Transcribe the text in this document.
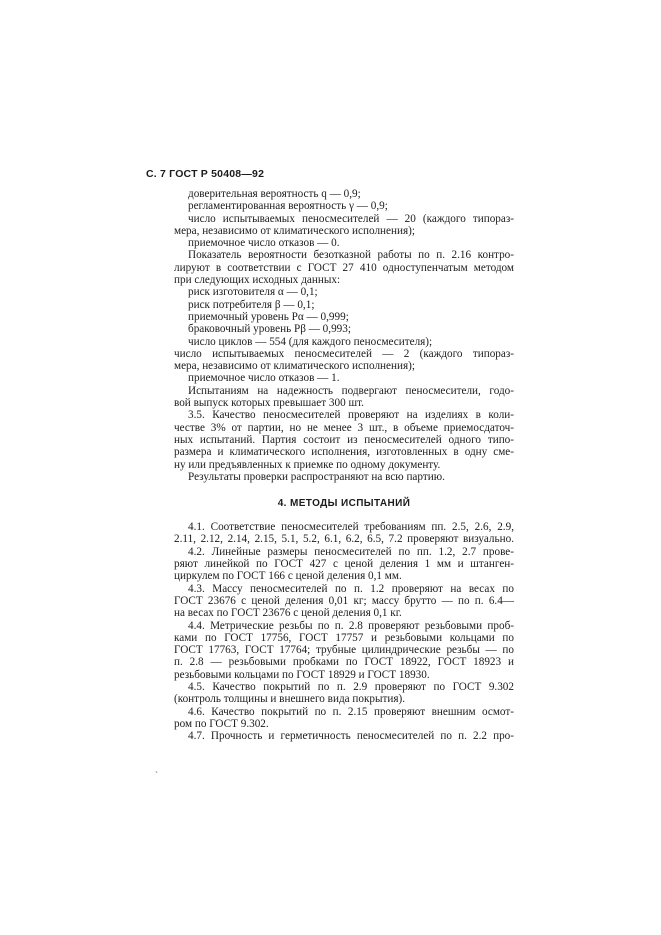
С. 7 ГОСТ Р 50408—92
доверительная вероятность q — 0,9;
регламентированная вероятность γ — 0,9;
число испытываемых пеносмесителей — 20 (каждого типораз-
мера, независимо от климатического исполнения);
приемочное число отказов — 0.
Показатель вероятности безотказной работы по п. 2.16 контро-
лируют в соответствии с ГОСТ 27 410 одноступенчатым методом
при следующих исходных данных:
риск изготовителя α — 0,1;
риск потребителя β — 0,1;
приемочный уровень Pα — 0,999;
браковочный уровень Pβ — 0,993;
число циклов — 554 (для каждого пеносмесителя);
число испытываемых пеносмесителей — 2 (каждого типораз-
мера, независимо от климатического исполнения);
приемочное число отказов — 1.
Испытаниям на надежность подвергают пеносмесители, годо-
вой выпуск которых превышает 300 шт.
3.5. Качество пеносмесителей проверяют на изделиях в коли-
честве 3% от партии, но не менее 3 шт., в объеме приемосдаточ-
ных испытаний. Партия состоит из пеносмесителей одного типо-
размера и климатического исполнения, изготовленных в одну сме-
ну или предъявленных к приемке по одному документу.
Результаты проверки распространяют на всю партию.
4. МЕТОДЫ ИСПЫТАНИЙ
4.1. Соответствие пеносмесителей требованиям пп. 2.5, 2.6, 2.9,
2.11, 2.12, 2.14, 2.15, 5.1, 5.2, 6.1, 6.2, 6.5, 7.2 проверяют визуально.
4.2. Линейные размеры пеносмесителей по пп. 1.2, 2.7 прове-
ряют линейкой по ГОСТ 427 с ценой деления 1 мм и штанген-
циркулем по ГОСТ 166 с ценой деления 0,1 мм.
4.3. Массу пеносмесителей по п. 1.2 проверяют на весах по
ГОСТ 23676 с ценой деления 0,01 кг; массу брутто — по п. 6.4—
на весах по ГОСТ 23676 с ценой деления 0,1 кг.
4.4. Метрические резьбы по п. 2.8 проверяют резьбовыми проб-
ками по ГОСТ 17756, ГОСТ 17757 и резьбовыми кольцами по
ГОСТ 17763, ГОСТ 17764; трубные цилиндрические резьбы — по
п. 2.8 — резьбовыми пробками по ГОСТ 18922, ГОСТ 18923 и
резьбовыми кольцами по ГОСТ 18929 и ГОСТ 18930.
4.5. Качество покрытий по п. 2.9 проверяют по ГОСТ 9.302
(контроль толщины и внешнего вида покрытия).
4.6. Качество покрытий по п. 2.15 проверяют внешним осмот-
ром по ГОСТ 9.302.
4.7. Прочность и герметичность пеносмесителей по п. 2.2 про-
`
